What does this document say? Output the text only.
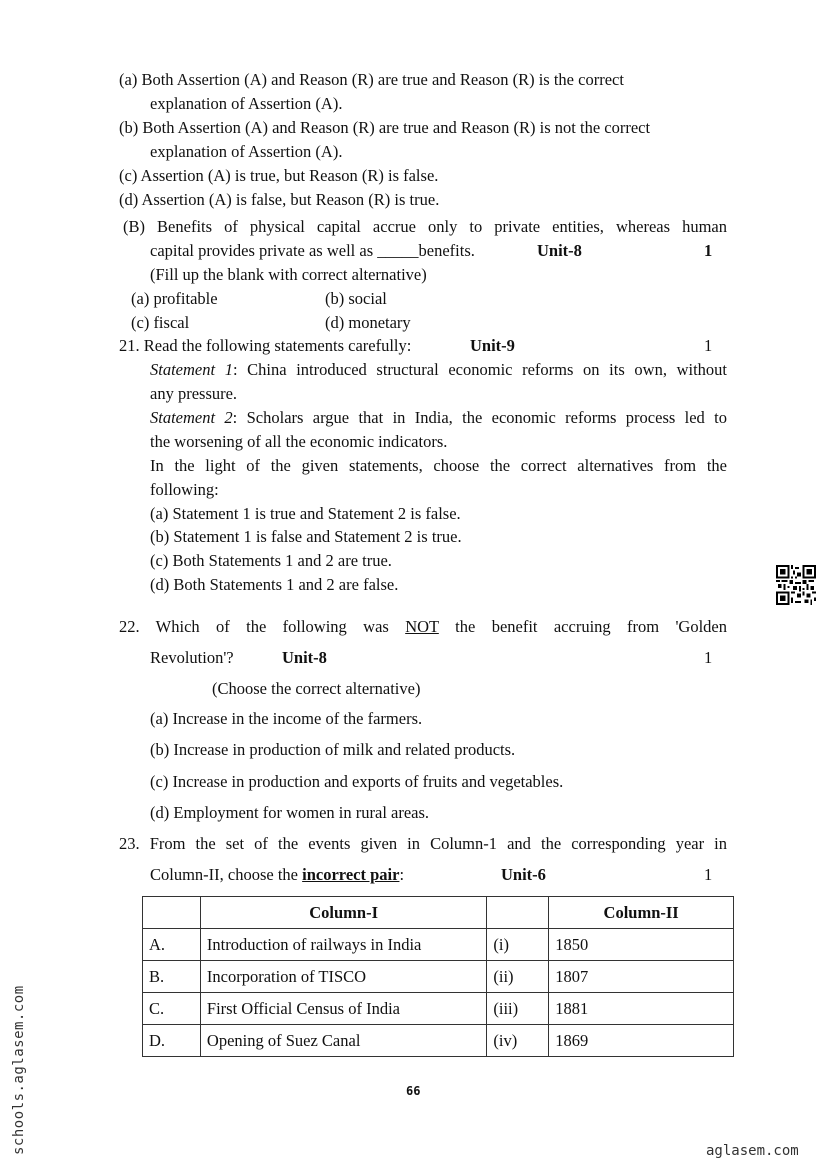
(a) Both Assertion (A) and Reason (R) are true and Reason (R) is the correct
explanation of Assertion (A).
(b) Both Assertion (A) and Reason (R) are true and Reason (R) is not the correct
explanation of Assertion (A).
(c) Assertion (A) is true, but Reason (R) is false.
(d) Assertion (A) is false, but Reason (R) is true.
(B) Benefits of physical capital accrue only to private entities, whereas human
capital provides private as well as _____benefits.	Unit-8	1
(Fill up the blank with correct alternative)
(a) profitable	(b) social
(c) fiscal	(d) monetary
21. Read the following statements carefully:	Unit-9	1
Statement 1: China introduced structural economic reforms on its own, without
any pressure.
Statement 2: Scholars argue that in India, the economic reforms process led to
the worsening of all the economic indicators.
In the light of the given statements, choose the correct alternatives from the
following:
(a) Statement 1 is true and Statement 2 is false.
(b) Statement 1 is false and Statement 2 is true.
(c) Both Statements 1 and 2 are true.
(d) Both Statements 1 and 2 are false.
22. Which of the following was NOT the benefit accruing from 'Golden
Revolution'?	Unit-8	1
(Choose the correct alternative)
(a) Increase in the income of the farmers.
(b) Increase in production of milk and related products.
(c) Increase in production and exports of fruits and vegetables.
(d) Employment for women in rural areas.
23. From the set of the events given in Column-1 and the corresponding year in
Column-II, choose the incorrect pair:	Unit-6	1
	Column-I		Column-II
A.	Introduction of railways in India	(i)	1850
B.	Incorporation of TISCO	(ii)	1807
C.	First Official Census of India	(iii)	1881
D.	Opening of Suez Canal	(iv)	1869
66
schools.aglasem.com	aglasem.com
